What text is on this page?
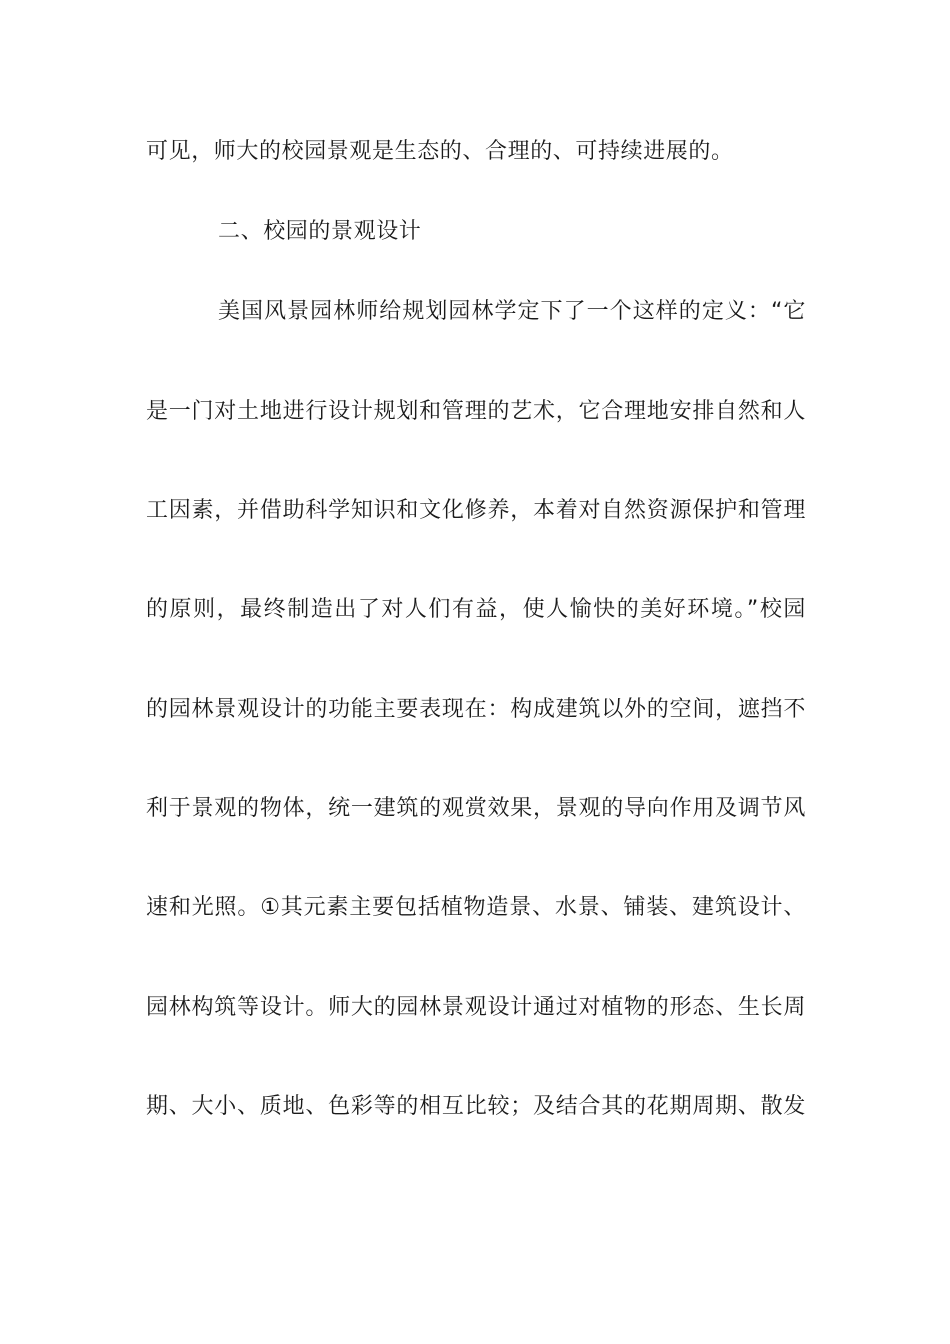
可见，师大的校园景观是生态的、合理的、可持续进展的。
二、校园的景观设计
美国风景园林师给规划园林学定下了一个这样的定义：“它
是一门对土地进行设计规划和管理的艺术，它合理地安排自然和人
工因素，并借助科学知识和文化修养，本着对自然资源保护和管理
的原则，最终制造出了对人们有益，使人愉快的美好环境。”校园
的园林景观设计的功能主要表现在：构成建筑以外的空间，遮挡不
利于景观的物体，统一建筑的观赏效果，景观的导向作用及调节风
速和光照。①其元素主要包括植物造景、水景、铺装、建筑设计、
园林构筑等设计。师大的园林景观设计通过对植物的形态、生长周
期、大小、质地、色彩等的相互比较；及结合其的花期周期、散发
